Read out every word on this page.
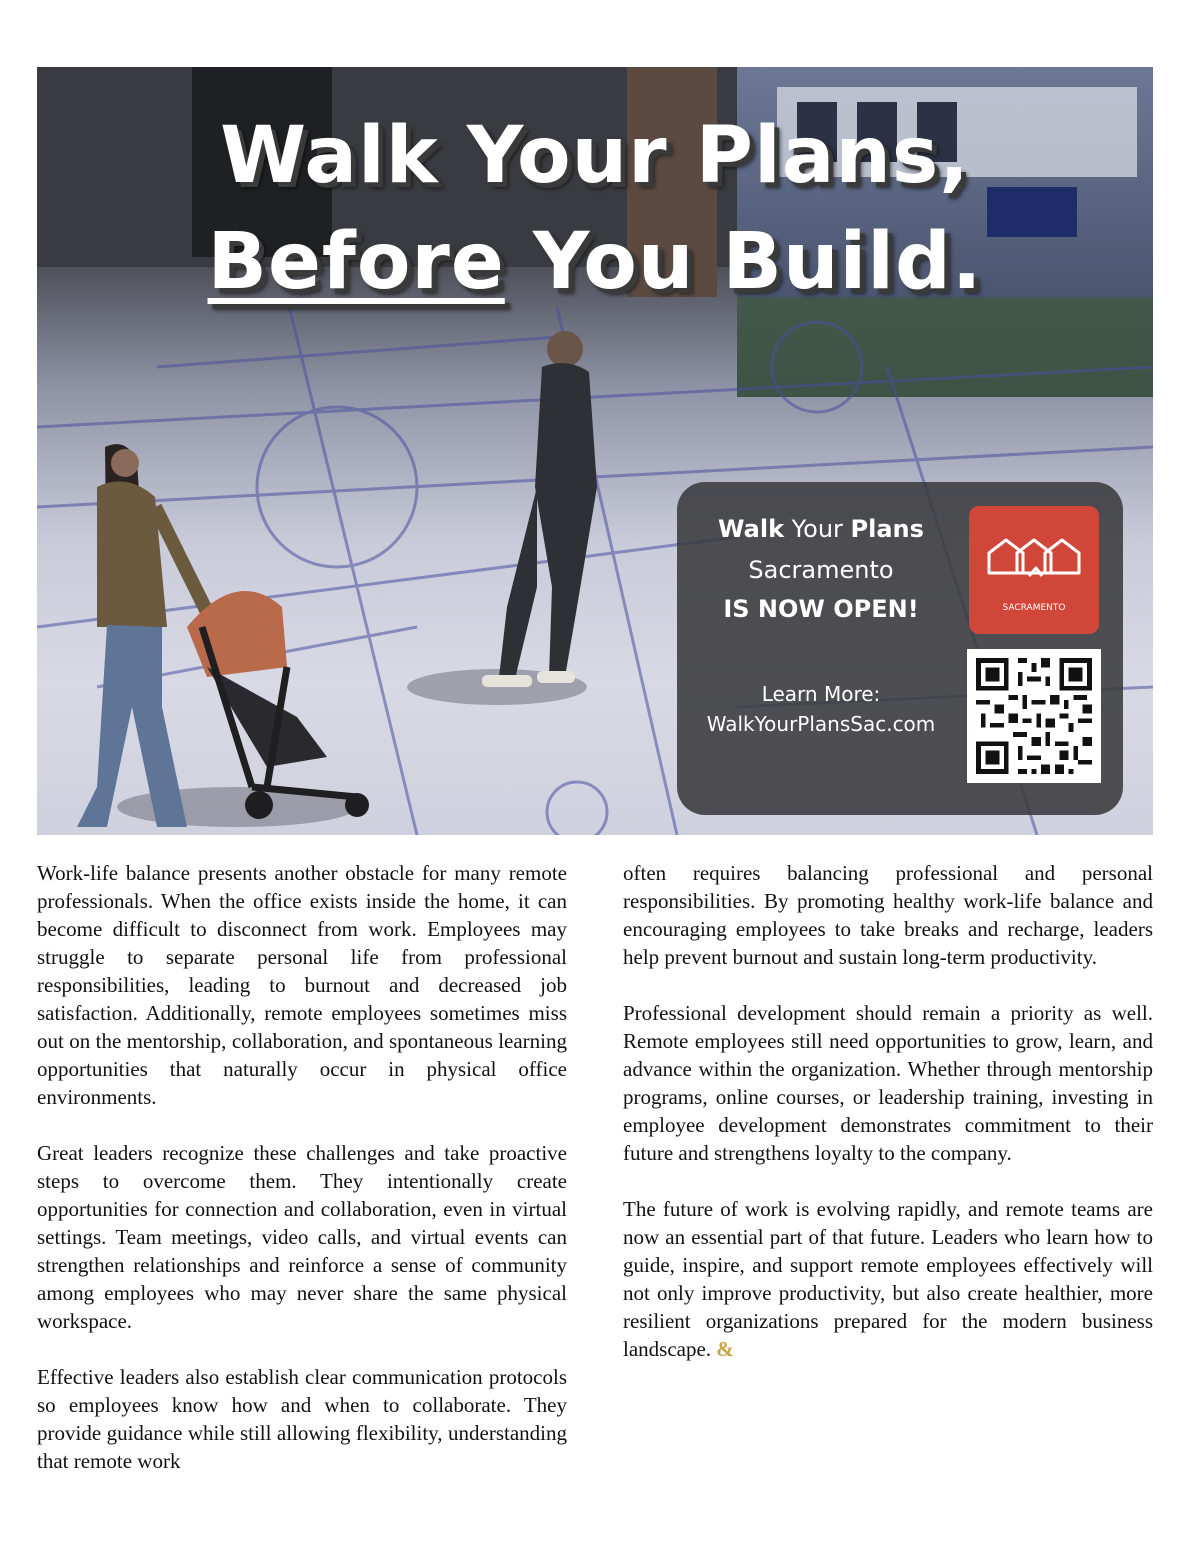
Walk Your Plans,
Before You Build.
Walk Your Plans
Sacramento
IS NOW OPEN!
Learn More:
WalkYourPlansSac.com
SACRAMENTO

Work-life balance presents another obstacle for many remote professionals. When the office exists inside the home, it can become difficult to disconnect from work. Employees may struggle to separate personal life from professional responsibilities, leading to burnout and decreased job satisfaction. Additionally, remote employees sometimes miss out on the mentorship, collaboration, and spontaneous learning opportunities that naturally occur in physical office environments.

Great leaders recognize these challenges and take proactive steps to overcome them. They intentionally create opportunities for connection and collaboration, even in virtual settings. Team meetings, video calls, and virtual events can strengthen relationships and reinforce a sense of community among employees who may never share the same physical workspace.

Effective leaders also establish clear communication protocols so employees know how and when to collaborate. They provide guidance while still allowing flexibility, understanding that remote work

often requires balancing professional and personal responsibilities. By promoting healthy work-life balance and encouraging employees to take breaks and recharge, leaders help prevent burnout and sustain long-term productivity.

Professional development should remain a priority as well. Remote employees still need opportunities to grow, learn, and advance within the organization. Whether through mentorship programs, online courses, or leadership training, investing in employee development demonstrates commitment to their future and strengthens loyalty to the company.

The future of work is evolving rapidly, and remote teams are now an essential part of that future. Leaders who learn how to guide, inspire, and support remote employees effectively will not only improve productivity, but also create healthier, more resilient organizations prepared for the modern business landscape. &
